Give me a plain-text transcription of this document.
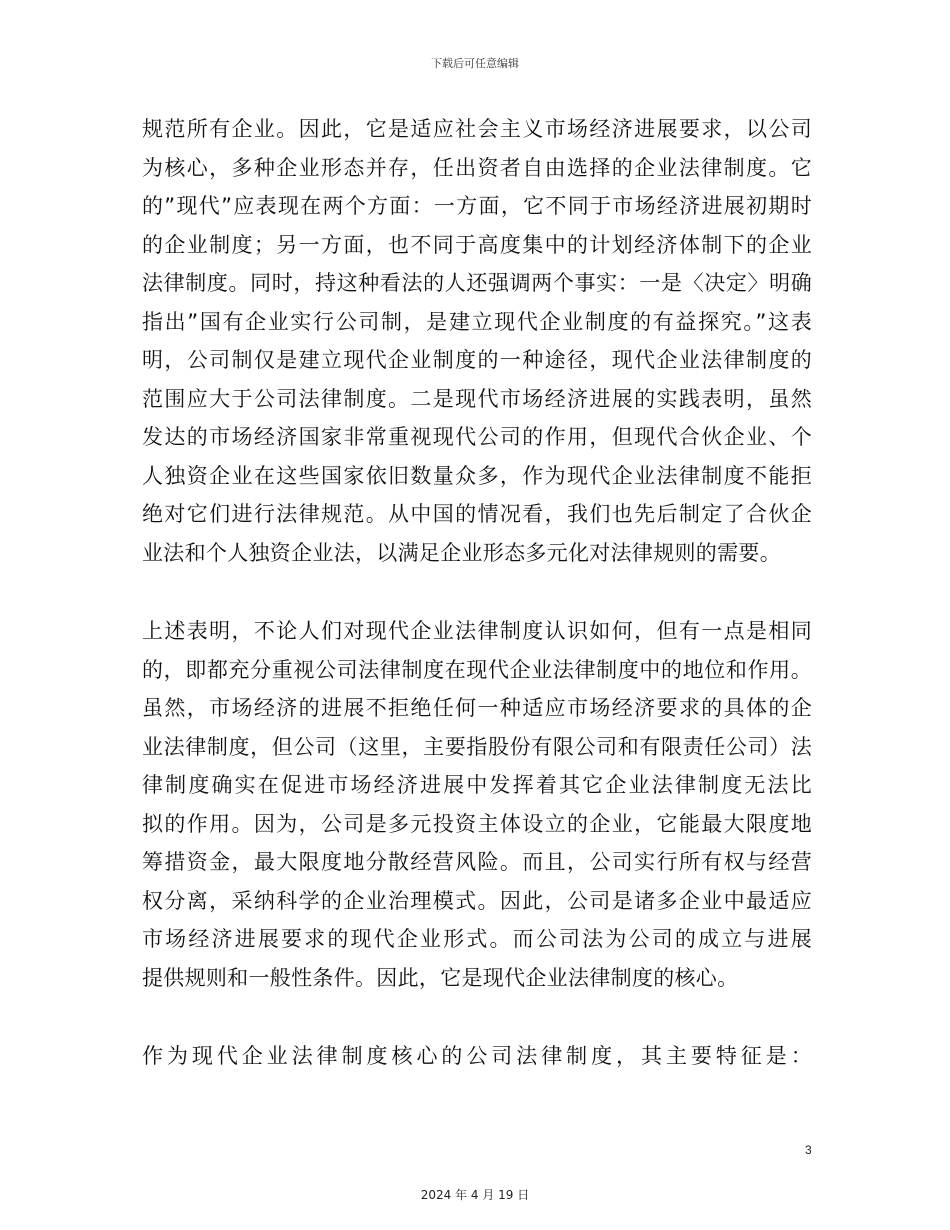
下载后可任意编辑
规范所有企业。因此，它是适应社会主义市场经济进展要求，以公司
为核心，多种企业形态并存，任出资者自由选择的企业法律制度。它
的”现代”应表现在两个方面：一方面，它不同于市场经济进展初期时
的企业制度；另一方面，也不同于高度集中的计划经济体制下的企业
法律制度。同时，持这种看法的人还强调两个事实：一是〈决定〉明确
指出”国有企业实行公司制，是建立现代企业制度的有益探究。”这表
明，公司制仅是建立现代企业制度的一种途径，现代企业法律制度的
范围应大于公司法律制度。二是现代市场经济进展的实践表明，虽然
发达的市场经济国家非常重视现代公司的作用，但现代合伙企业、个
人独资企业在这些国家依旧数量众多，作为现代企业法律制度不能拒
绝对它们进行法律规范。从中国的情况看，我们也先后制定了合伙企
业法和个人独资企业法，以满足企业形态多元化对法律规则的需要。
上述表明，不论人们对现代企业法律制度认识如何，但有一点是相同
的，即都充分重视公司法律制度在现代企业法律制度中的地位和作用。
虽然，市场经济的进展不拒绝任何一种适应市场经济要求的具体的企
业法律制度，但公司（这里，主要指股份有限公司和有限责任公司）法
律制度确实在促进市场经济进展中发挥着其它企业法律制度无法比
拟的作用。因为，公司是多元投资主体设立的企业，它能最大限度地
筹措资金，最大限度地分散经营风险。而且，公司实行所有权与经营
权分离，采纳科学的企业治理模式。因此，公司是诸多企业中最适应
市场经济进展要求的现代企业形式。而公司法为公司的成立与进展
提供规则和一般性条件。因此，它是现代企业法律制度的核心。
作为现代企业法律制度核心的公司法律制度，其主要特征是：
3
2024 年 4 月 19 日
